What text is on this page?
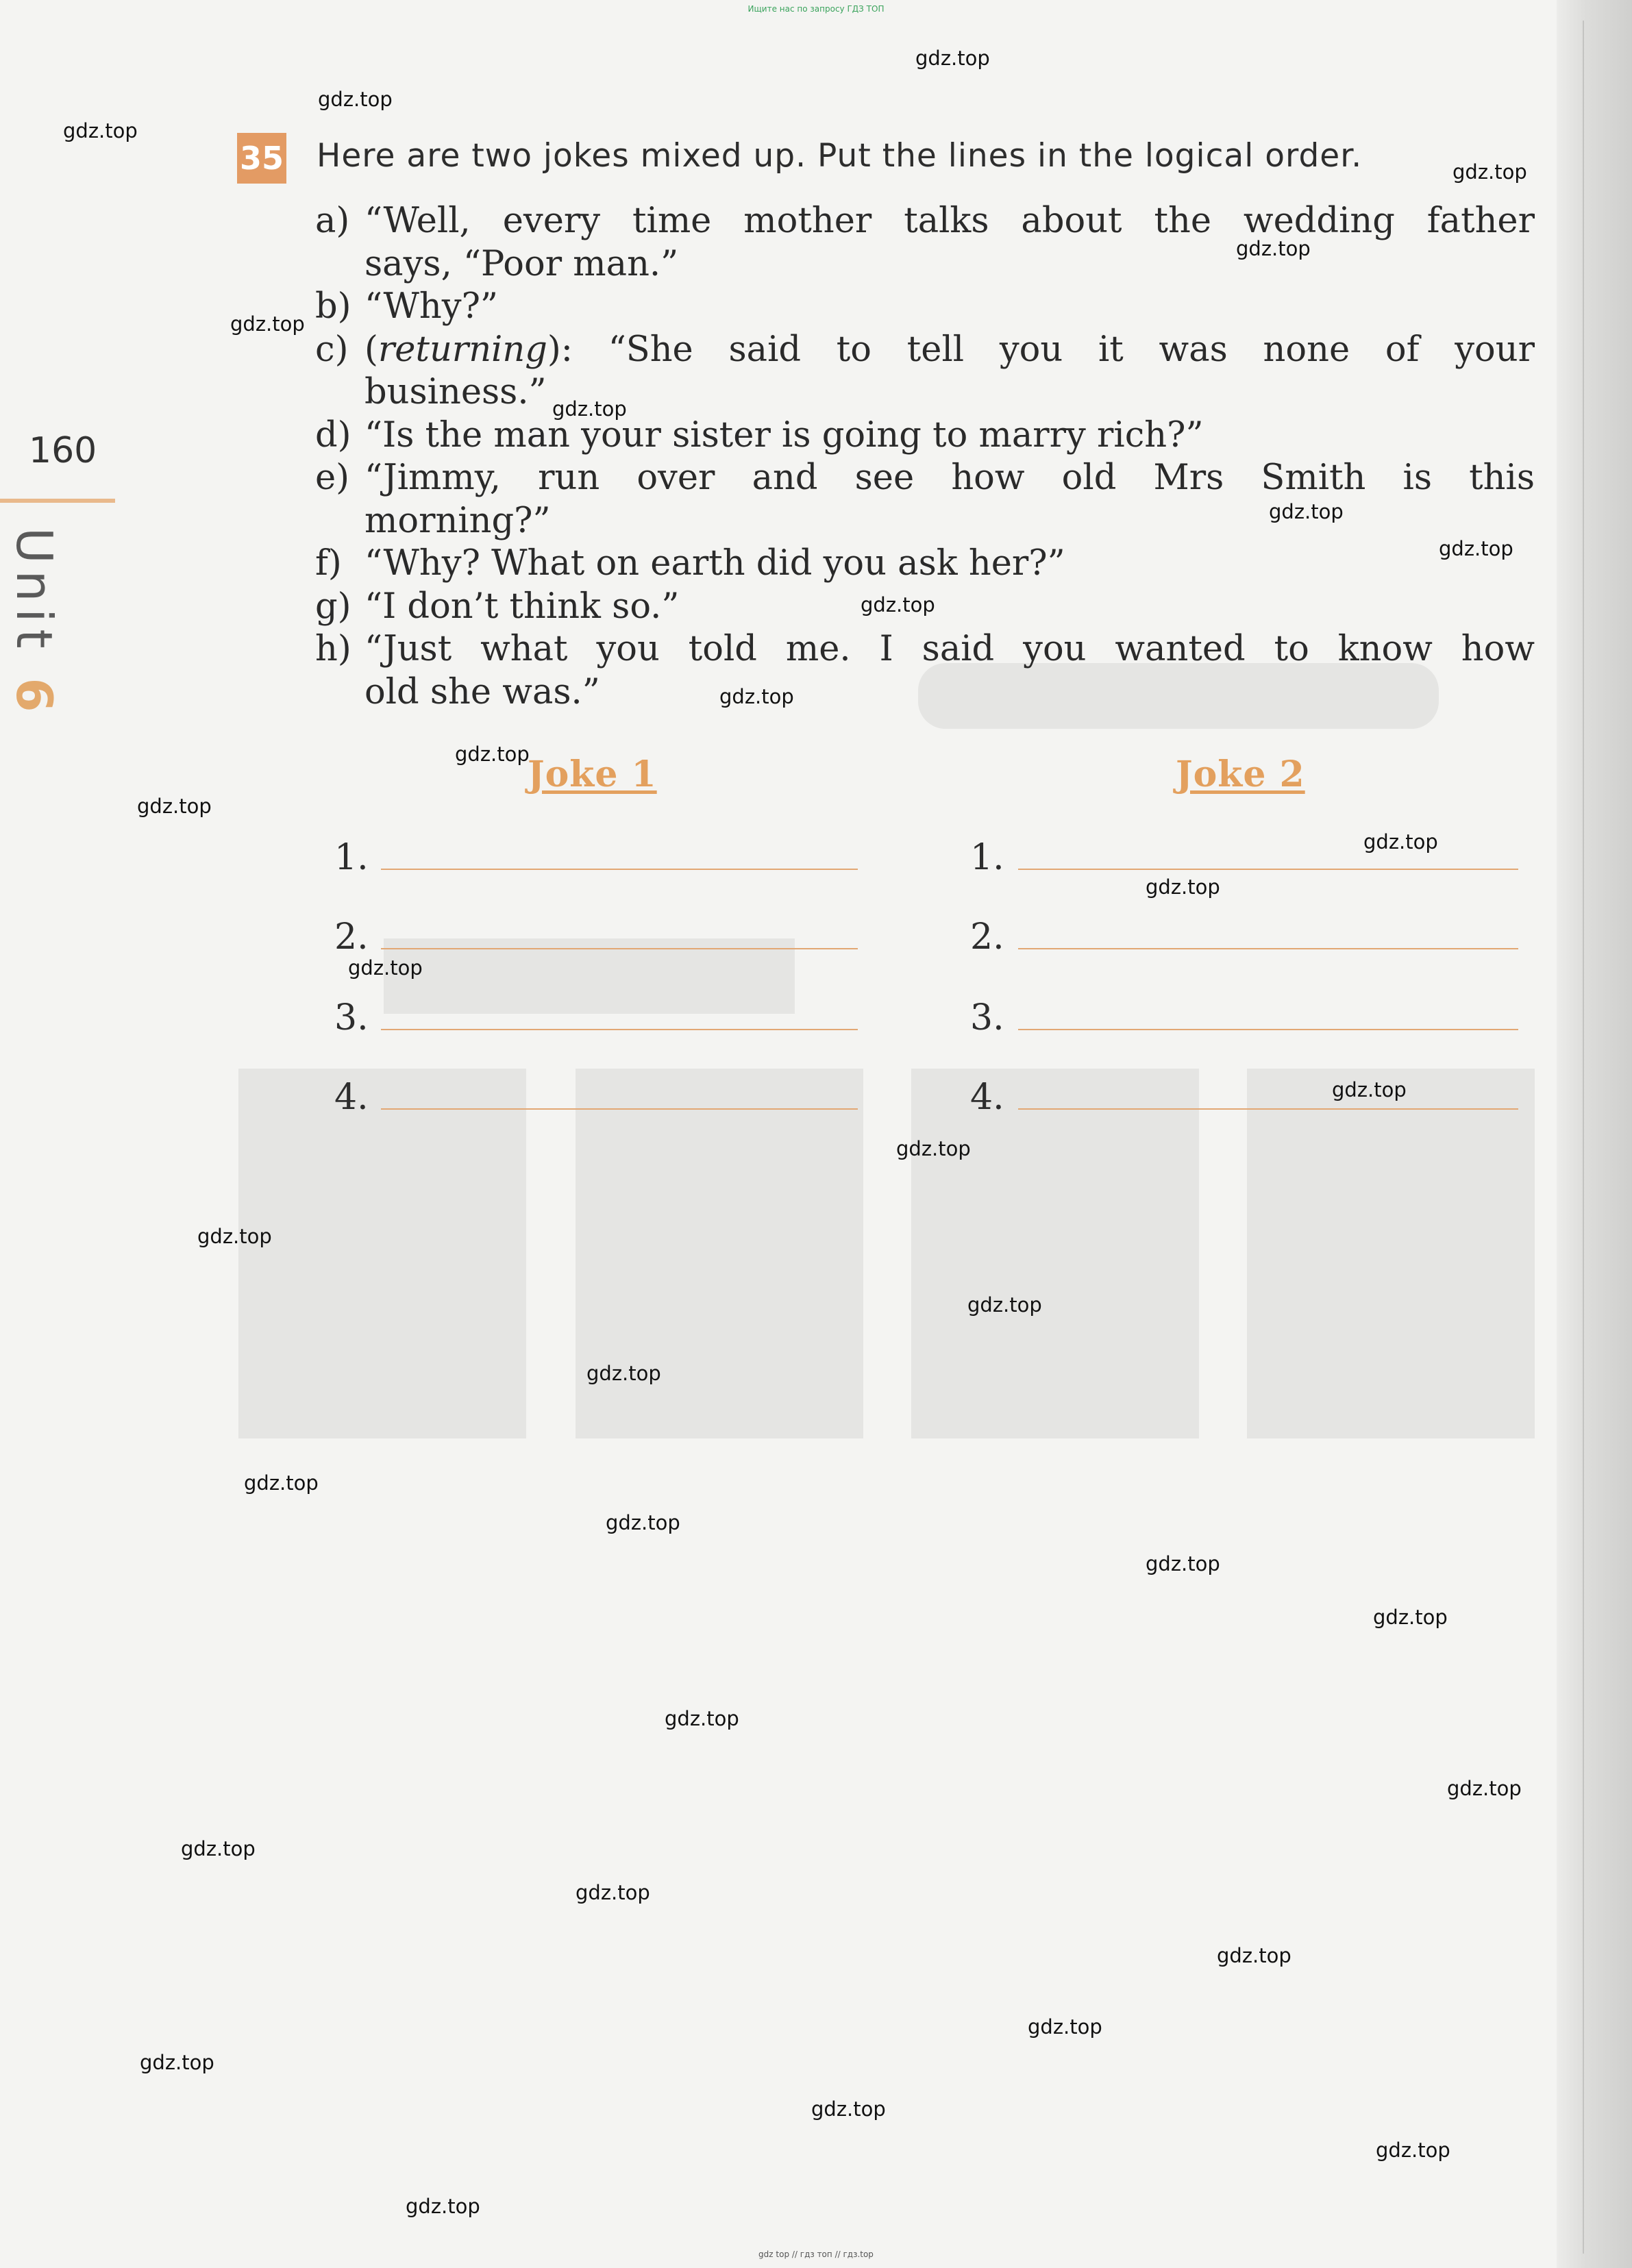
Ищите нас по запросу ГДЗ ТОП
160
Unit 6
35 Here are two jokes mixed up. Put the lines in the logical order.
a) “Well, every time mother talks about the wedding father
says, “Poor man.”
b) “Why?”
c) (returning): “She said to tell you it was none of your
business.”
d) “Is the man your sister is going to marry rich?”
e) “Jimmy, run over and see how old Mrs Smith is this
morning?”
f) “Why? What on earth did you ask her?”
g) “I don’t think so.”
h) “Just what you told me. I said you wanted to know how
old she was.”
Joke 1
1.
2.
3.
4.
Joke 2
1.
2.
3.
4.
gdz.top
gdz.top
gdz.top
gdz.top
gdz.top
gdz.top
gdz.top
gdz.top
gdz.top
gdz.top
gdz.top
gdz.top
gdz.top
gdz.top
gdz.top
gdz.top
gdz.top
gdz.top
gdz.top
gdz.top
gdz.top
gdz.top
gdz.top
gdz.top
gdz.top
gdz.top
gdz.top
gdz.top
gdz.top
gdz.top
gdz.top
gdz.top
gdz.top
gdz.top
gdz.top
gdz top // гдз топ // гдз.top
